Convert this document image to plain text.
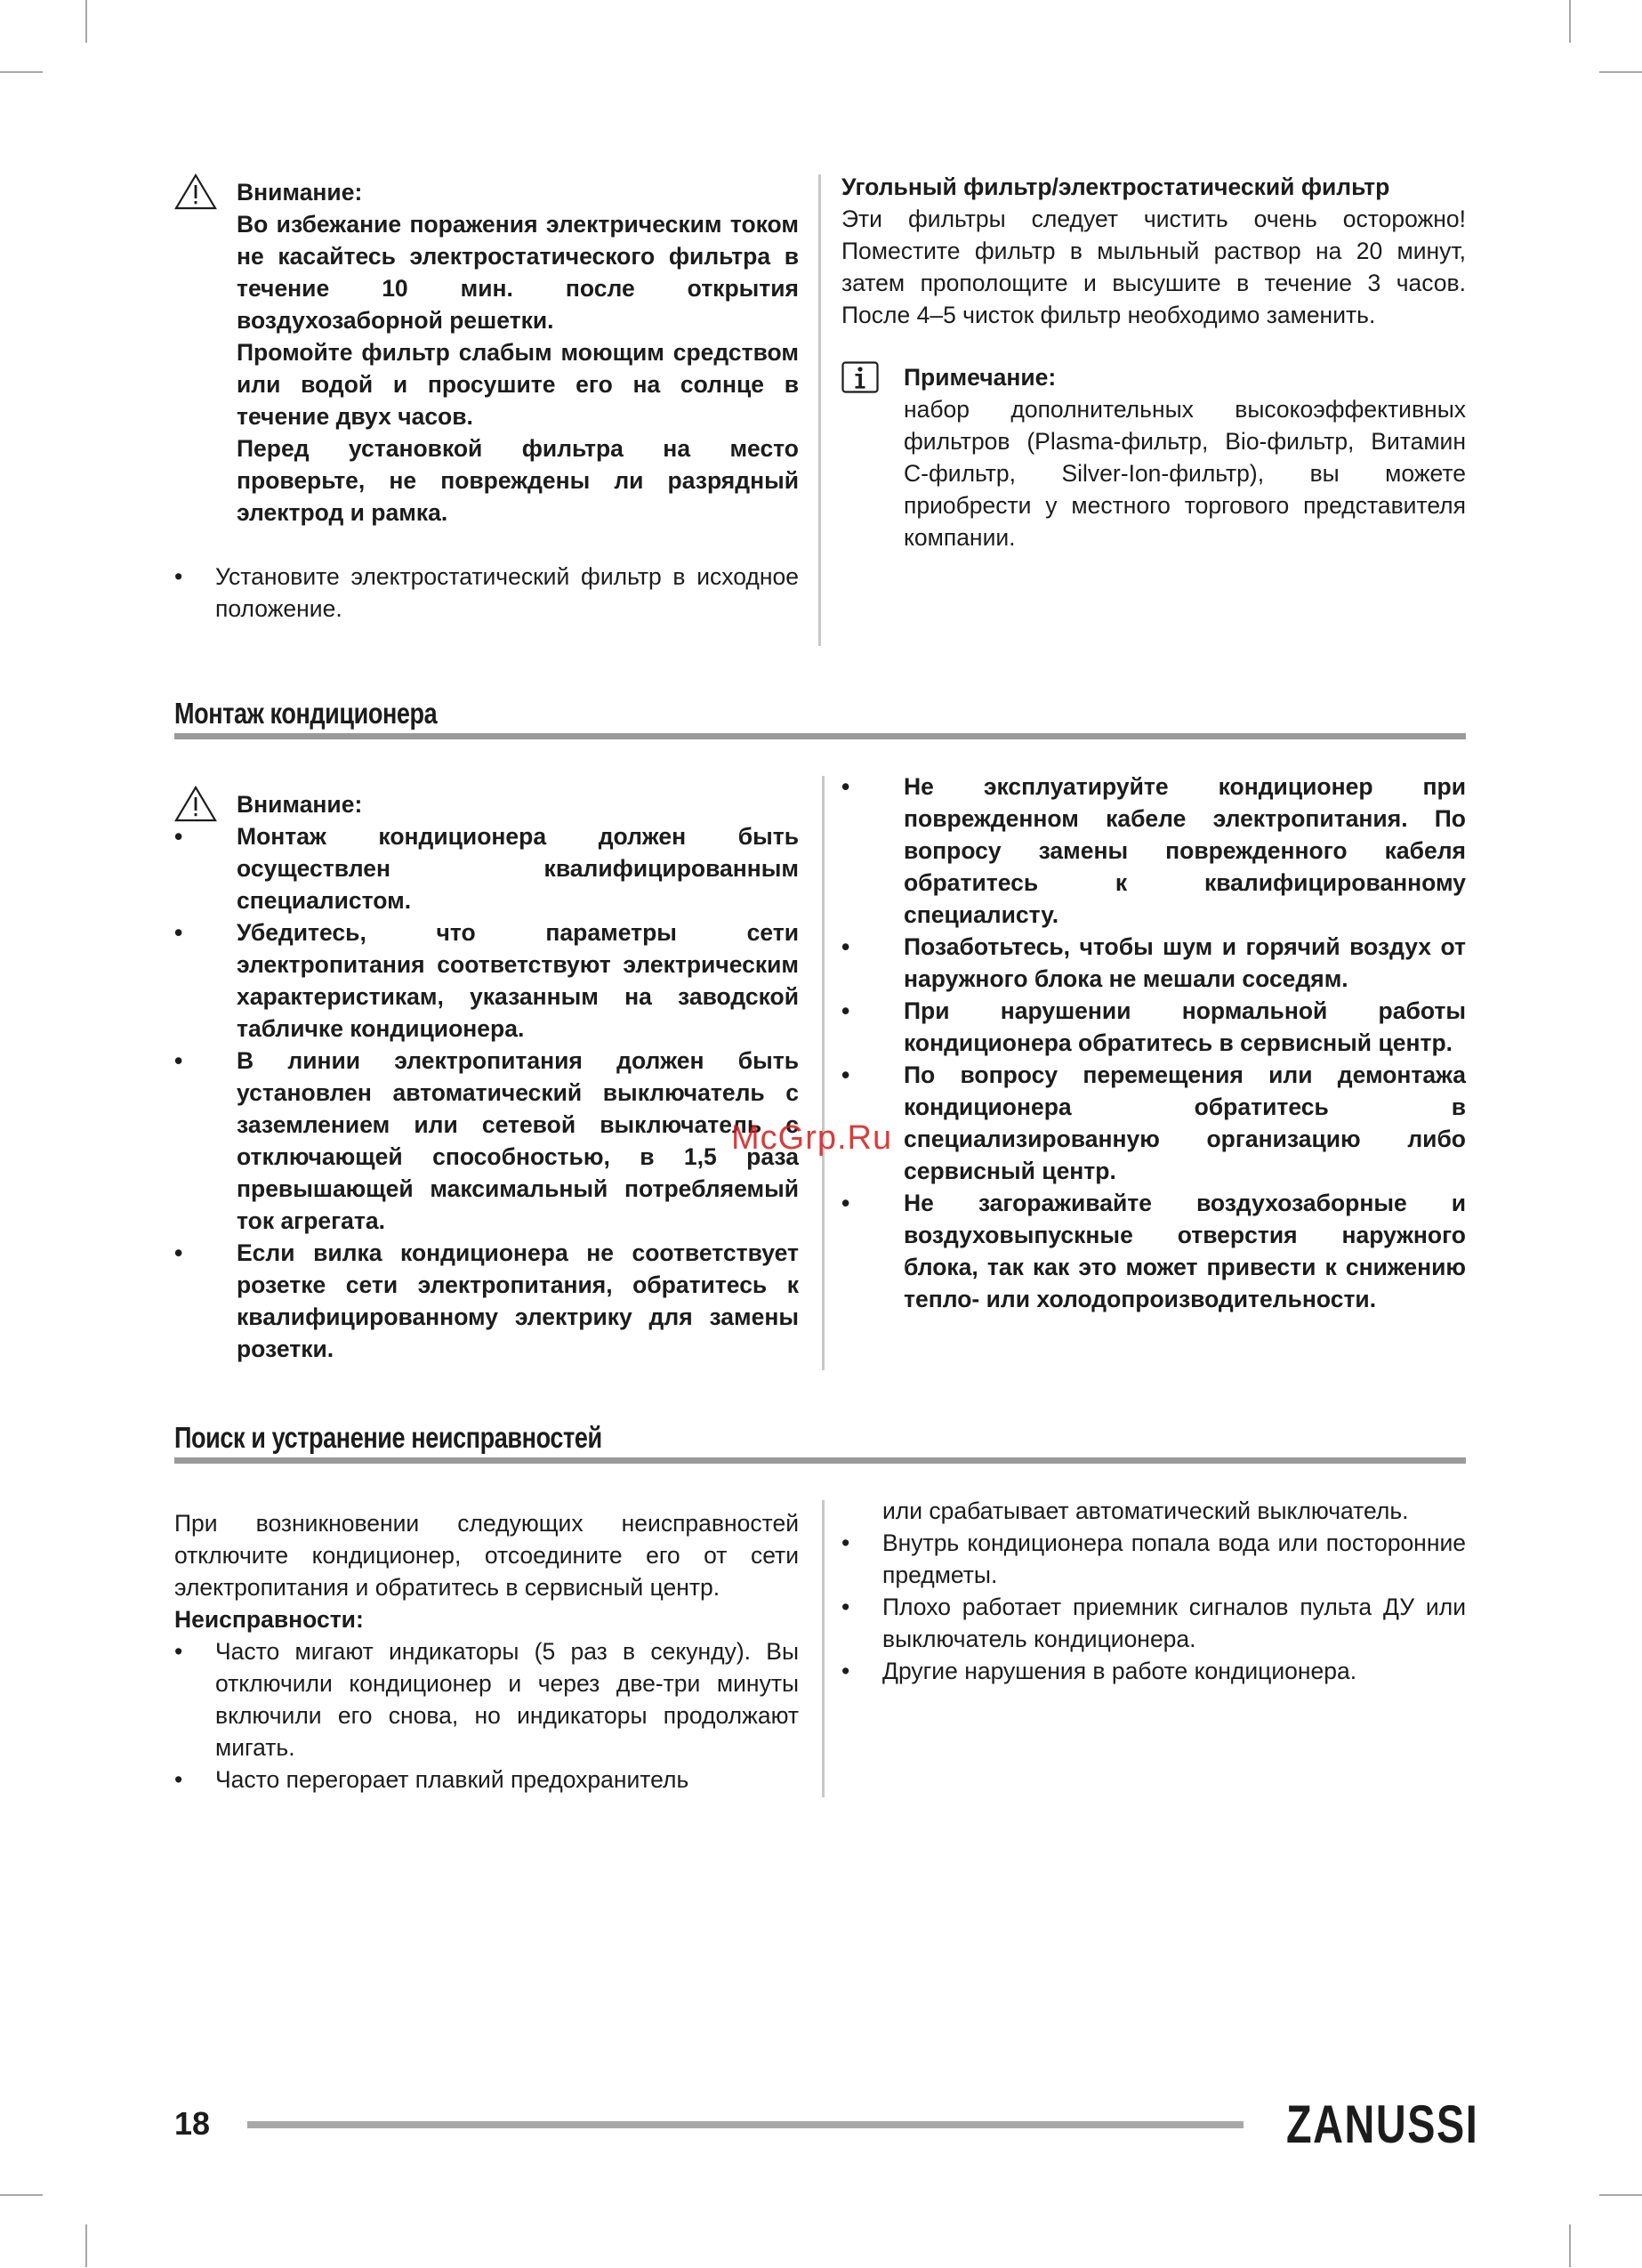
Внимание:

Во избежание поражения электрическим током не касайтесь электростатического фильтра в течение 10 мин. после открытия воздухозаборной решетки.

Промойте фильтр слабым моющим средством или водой и просушите его на солнце в течение двух часов.

Перед установкой фильтра на место проверьте, не повреждены ли разрядный электрод и рамка.

• Установите электростатический фильтр в исходное положение.
Угольный фильтр/электростатический фильтр

Эти фильтры следует чистить очень осторожно! Поместите фильтр в мыльный раствор на 20 минут, затем прополощите и высушите в течение 3 часов. После 4–5 чисток фильтр необходимо заменить.

Примечание:

набор дополнительных высокоэффективных фильтров (Plasma-фильтр, Bio-фильтр, Витамин С-фильтр, Silver-Ion-фильтр), вы можете приобрести у местного торгового представителя компании.

Монтаж кондиционера
Внимание:
• Монтаж кондиционера должен быть осуществлен квалифицированным специалистом.
• Убедитесь, что параметры сети электропитания соответствуют электрическим характеристикам, указанным на заводской табличке кондиционера.
• В линии электропитания должен быть установлен автоматический выключатель с заземлением или сетевой выключатель с отключающей способностью, в 1,5 раза превышающей максимальный потребляемый ток агрегата.
• Если вилка кондиционера не соответствует розетке сети электропитания, обратитесь к квалифицированному электрику для замены розетки.
• Не эксплуатируйте кондиционер при поврежденном кабеле электропитания. По вопросу замены поврежденного кабеля обратитесь к квалифицированному специалисту.
• Позаботьтесь, чтобы шум и горячий воздух от наружного блока не мешали соседям.
• При нарушении нормальной работы кондиционера обратитесь в сервисный центр.
• По вопросу перемещения или демонтажа кондиционера обратитесь в специализированную организацию либо сервисный центр.
• Не загораживайте воздухозаборные и воздуховыпускные отверстия наружного блока, так как это может привести к снижению тепло- или холодопроизводительности.
McGrp.Ru
Поиск и устранение неисправностей

При возникновении следующих неисправностей отключите кондиционер, отсоедините его от сети электропитания и обратитесь в сервисный центр.

Неисправности:
• Часто мигают индикаторы (5 раз в секунду). Вы отключили кондиционер и через две-три минуты включили его снова, но индикаторы продолжают мигать.
• Часто перегорает плавкий предохранитель

или срабатывает автоматический выключатель.

• Внутрь кондиционера попала вода или посторонние предметы.
• Плохо работает приемник сигналов пульта ДУ или выключатель кондиционера.
• Другие нарушения в работе кондиционера.
18	ZANUSSI
